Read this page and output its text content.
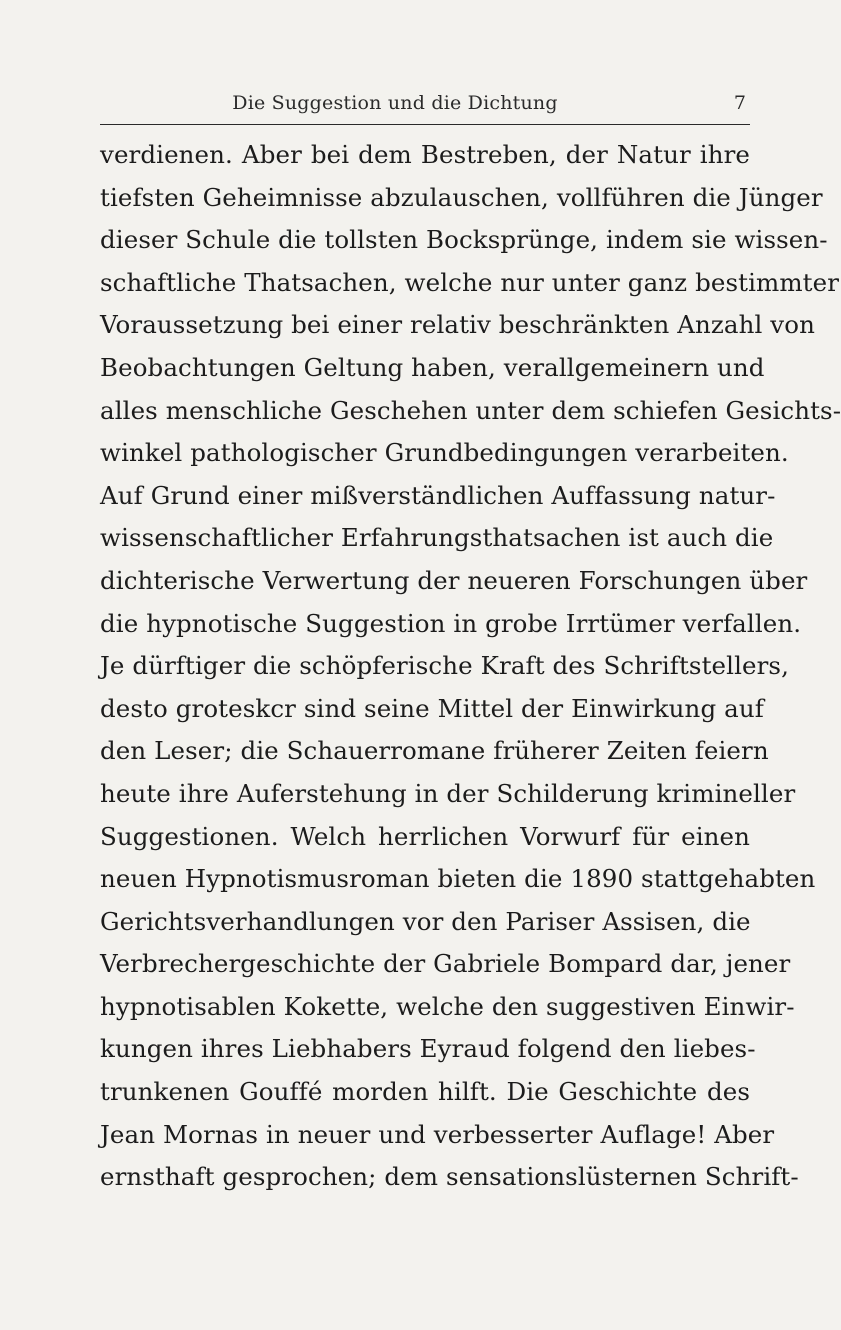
Die Suggestion und die Dichtung	7
verdienen. Aber bei dem Bestreben, der Natur ihre
tiefsten Geheimnisse abzulauschen, vollführen die Jünger
dieser Schule die tollsten Bocksprünge, indem sie wissen-
schaftliche Thatsachen, welche nur unter ganz bestimmter
Voraussetzung bei einer relativ beschränkten Anzahl von
Beobachtungen Geltung haben, verallgemeinern und
alles menschliche Geschehen unter dem schiefen Gesichts-
winkel pathologischer Grundbedingungen verarbeiten.
Auf Grund einer mißverständlichen Auffassung natur-
wissenschaftlicher Erfahrungsthatsachen ist auch die
dichterische Verwertung der neueren Forschungen über
die hypnotische Suggestion in grobe Irrtümer verfallen.
Je dürftiger die schöpferische Kraft des Schriftstellers,
desto groteskcr sind seine Mittel der Einwirkung auf
den Leser; die Schauerromane früherer Zeiten feiern
heute ihre Auferstehung in der Schilderung krimineller
Suggestionen. Welch herrlichen Vorwurf für einen
neuen Hypnotismusroman bieten die 1890 stattgehabten
Gerichtsverhandlungen vor den Pariser Assisen, die
Verbrechergeschichte der Gabriele Bompard dar, jener
hypnotisablen Kokette, welche den suggestiven Einwir-
kungen ihres Liebhabers Eyraud folgend den liebes-
trunkenen Gouffé morden hilft. Die Geschichte des
Jean Mornas in neuer und verbesserter Auflage! Aber
ernsthaft gesprochen; dem sensationslüsternen Schrift-
